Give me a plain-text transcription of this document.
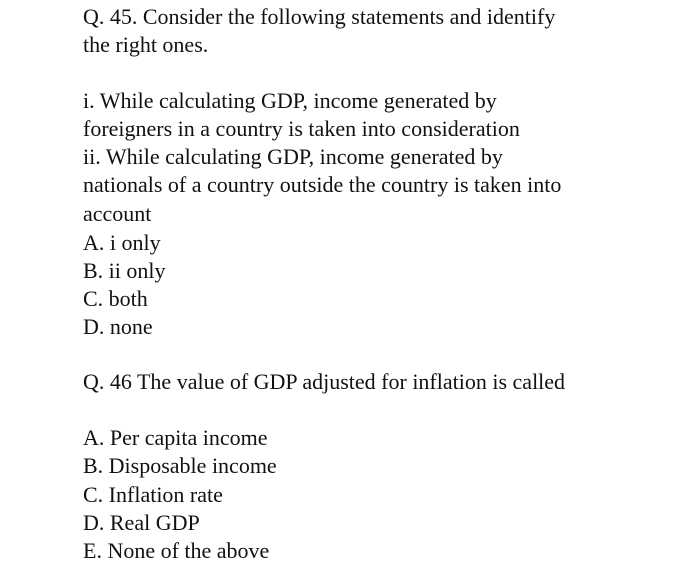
Q. 45. Consider the following statements and identify

the right ones.

i. While calculating GDP, income generated by

foreigners in a country is taken into consideration

ii. While calculating GDP, income generated by

nationals of a country outside the country is taken into

account

A. i only

B. ii only

C. both

D. none

Q. 46 The value of GDP adjusted for inflation is called

A. Per capita income

B. Disposable income

C. Inflation rate

D. Real GDP

E. None of the above
